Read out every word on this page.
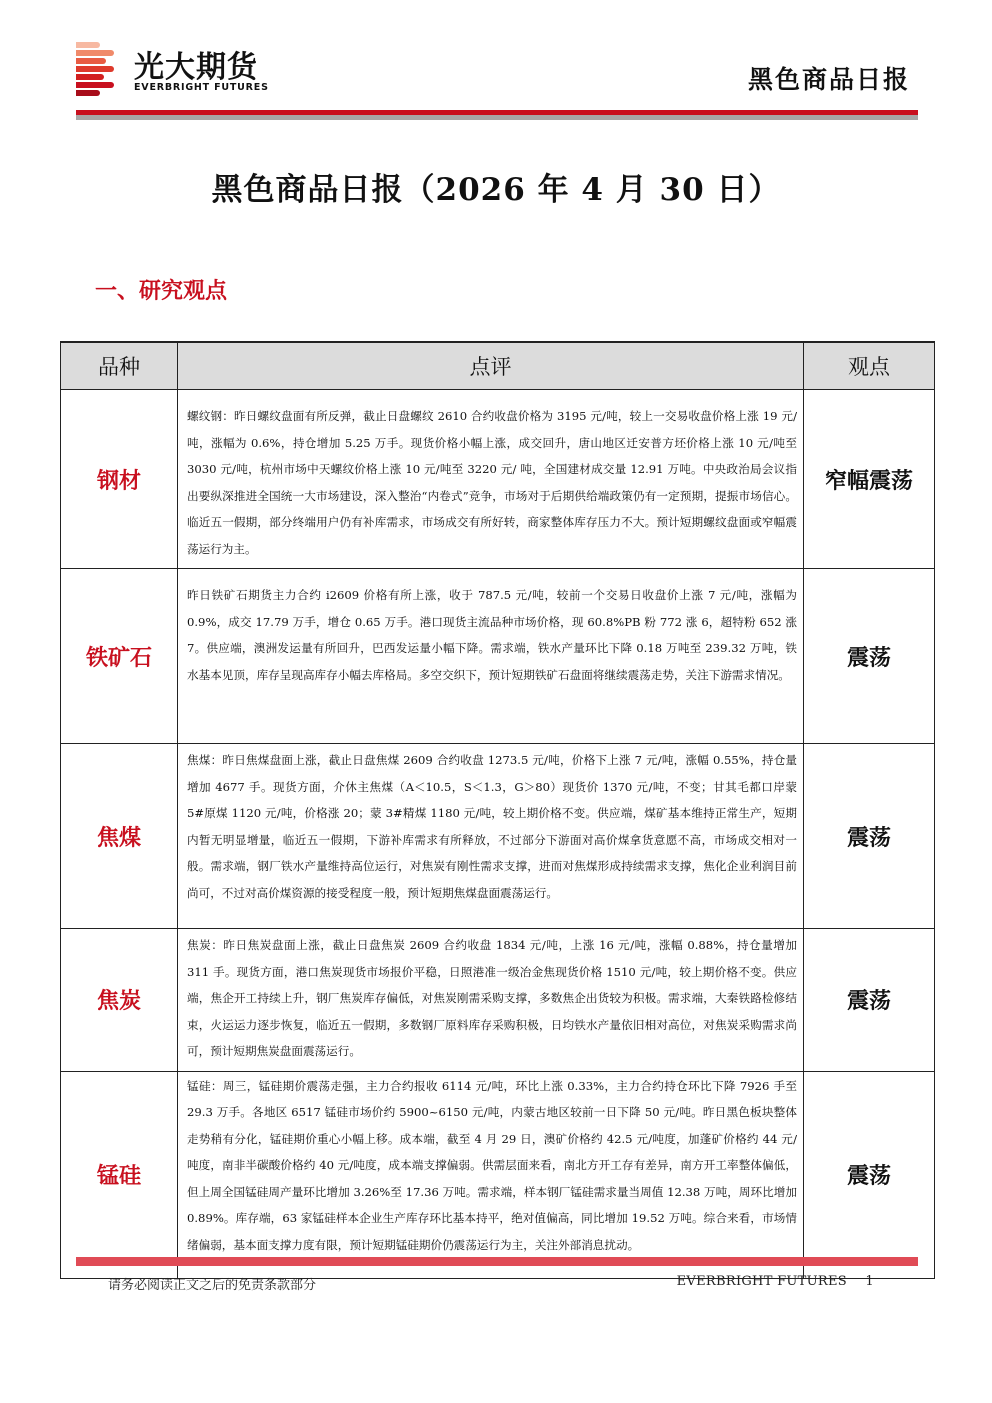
光大期货
EVERBRIGHT FUTURES	黑色商品日报
黑色商品日报（2026 年 4 月 30 日）
一、研究观点
品种	点评	观点
钢材	螺纹钢：昨日螺纹盘面有所反弹，截止日盘螺纹 2610 合约收盘价格为 3195 元/吨，较上一交易收盘价格上涨 19 元/吨，涨幅为 0.6%，持仓增加 5.25 万手。现货价格小幅上涨，成交回升，唐山地区迁安普方坯价格上涨 10 元/吨至 3030 元/吨，杭州市场中天螺纹价格上涨 10 元/吨至 3220 元/ 吨，全国建材成交量 12.91 万吨。中央政治局会议指出要纵深推进全国统一大市场建设，深入整治“内卷式”竞争，市场对于后期供给端政策仍有一定预期，提振市场信心。临近五一假期，部分终端用户仍有补库需求，市场成交有所好转，商家整体库存压力不大。预计短期螺纹盘面或窄幅震荡运行为主。	窄幅震荡
铁矿石	昨日铁矿石期货主力合约 i2609 价格有所上涨，收于 787.5 元/吨，较前一个交易日收盘价上涨 7 元/吨，涨幅为 0.9%，成交 17.79 万手，增仓 0.65 万手。港口现货主流品种市场价格，现 60.8%PB 粉 772 涨 6，超特粉 652 涨 7。供应端，澳洲发运量有所回升，巴西发运量小幅下降。需求端，铁水产量环比下降 0.18 万吨至 239.32 万吨，铁水基本见顶，库存呈现高库存小幅去库格局。多空交织下，预计短期铁矿石盘面将继续震荡走势，关注下游需求情况。	震荡
焦煤	焦煤：昨日焦煤盘面上涨，截止日盘焦煤 2609 合约收盘 1273.5 元/吨，价格下上涨 7 元/吨，涨幅 0.55%，持仓量增加 4677 手。现货方面，介休主焦煤（A＜10.5，S＜1.3，G＞80）现货价 1370 元/吨，不变；甘其毛都口岸蒙 5#原煤 1120 元/吨，价格涨 20；蒙 3#精煤 1180 元/吨，较上期价格不变。供应端，煤矿基本维持正常生产，短期内暂无明显增量，临近五一假期，下游补库需求有所释放，不过部分下游面对高价煤拿货意愿不高，市场成交相对一般。需求端，钢厂铁水产量维持高位运行，对焦炭有刚性需求支撑，进而对焦煤形成持续需求支撑，焦化企业利润目前尚可，不过对高价煤资源的接受程度一般，预计短期焦煤盘面震荡运行。	震荡
焦炭	焦炭：昨日焦炭盘面上涨，截止日盘焦炭 2609 合约收盘 1834 元/吨，上涨 16 元/吨，涨幅 0.88%，持仓量增加 311 手。现货方面，港口焦炭现货市场报价平稳，日照港准一级冶金焦现货价格 1510 元/吨，较上期价格不变。供应端，焦企开工持续上升，钢厂焦炭库存偏低，对焦炭刚需采购支撑，多数焦企出货较为积极。需求端，大秦铁路检修结束，火运运力逐步恢复，临近五一假期，多数钢厂原料库存采购积极，日均铁水产量依旧相对高位，对焦炭采购需求尚可，预计短期焦炭盘面震荡运行。	震荡
锰硅	锰硅：周三，锰硅期价震荡走强，主力合约报收 6114 元/吨，环比上涨 0.33%，主力合约持仓环比下降 7926 手至 29.3 万手。各地区 6517 锰硅市场价约 5900~6150 元/吨，内蒙古地区较前一日下降 50 元/吨。昨日黑色板块整体走势稍有分化，锰硅期价重心小幅上移。成本端，截至 4 月 29 日，澳矿价格约 42.5 元/吨度，加蓬矿价格约 44 元/吨度，南非半碳酸价格约 40 元/吨度，成本端支撑偏弱。供需层面来看，南北方开工存有差异，南方开工率整体偏低，但上周全国锰硅周产量环比增加 3.26%至 17.36 万吨。需求端，样本钢厂锰硅需求量当周值 12.38 万吨，周环比增加 0.89%。库存端，63 家锰硅样本企业生产库存环比基本持平，绝对值偏高，同比增加 19.52 万吨。综合来看，市场情绪偏弱，基本面支撑力度有限，预计短期锰硅期价仍震荡运行为主，关注外部消息扰动。	震荡
请务必阅读正文之后的免责条款部分	EVERBRIGHT FUTURES 1
